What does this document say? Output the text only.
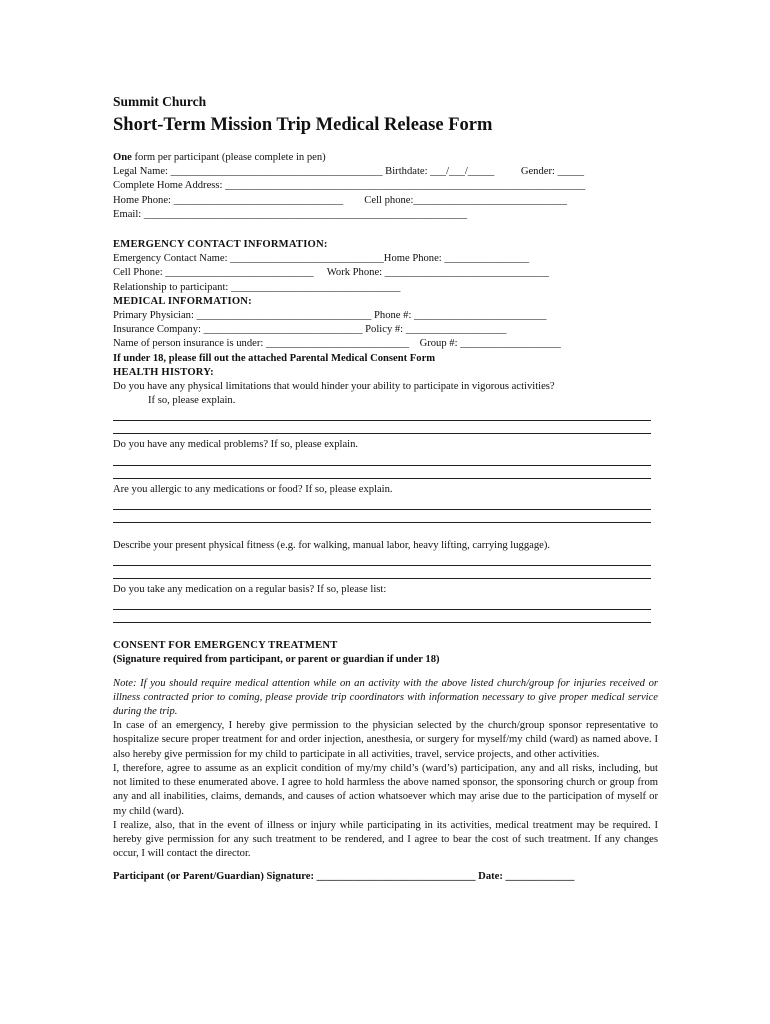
Summit Church
Short-Term Mission Trip Medical Release Form
One form per participant (please complete in pen)
Legal Name: ________________________________________ Birthdate: ___/___/_____          Gender: _____
Complete Home Address: ____________________________________________________________________
Home Phone: ________________________________        Cell phone:_____________________________
Email: _____________________________________________________________
EMERGENCY CONTACT INFORMATION:
Emergency Contact Name: _____________________________Home Phone: ________________
Cell Phone: ____________________________     Work Phone: _______________________________
Relationship to participant: ________________________________
MEDICAL INFORMATION:
Primary Physician: _________________________________ Phone #: _________________________
Insurance Company: ______________________________ Policy #: ___________________
Name of person insurance is under: ___________________________    Group #: ___________________
If under 18, please fill out the attached Parental Medical Consent Form
HEALTH HISTORY:
Do you have any physical limitations that would hinder your ability to participate in vigorous activities?
If so, please explain.
Do you have any medical problems? If so, please explain.
Are you allergic to any medications or food? If so, please explain.
Describe your present physical fitness (e.g. for walking, manual labor, heavy lifting, carrying luggage).
Do you take any medication on a regular basis? If so, please list:
CONSENT FOR EMERGENCY TREATMENT
(Signature required from participant, or parent or guardian if under 18)
Note: If you should require medical attention while on an activity with the above listed church/group for injuries received or illness contracted prior to coming, please provide trip coordinators with information necessary to give proper medical service during the trip.
In case of an emergency, I hereby give permission to the physician selected by the church/group sponsor representative to hospitalize secure proper treatment for and order injection, anesthesia, or surgery for myself/my child (ward) as named above. I also hereby give permission for my child to participate in all activities, travel, service projects, and other activities.
I, therefore, agree to assume as an explicit condition of my/my child’s (ward’s) participation, any and all risks, including, but not limited to these enumerated above. I agree to hold harmless the above named sponsor, the sponsoring church or group from any and all inabilities, claims, demands, and causes of action whatsoever which may arise due to the participation of myself or my child (ward).
I realize, also, that in the event of illness or injury while participating in its activities, medical treatment may be required. I hereby give permission for any such treatment to be rendered, and I agree to bear the cost of such treatment. If any changes occur, I will contact the director.
Participant (or Parent/Guardian) Signature: ______________________________ Date: _____________
